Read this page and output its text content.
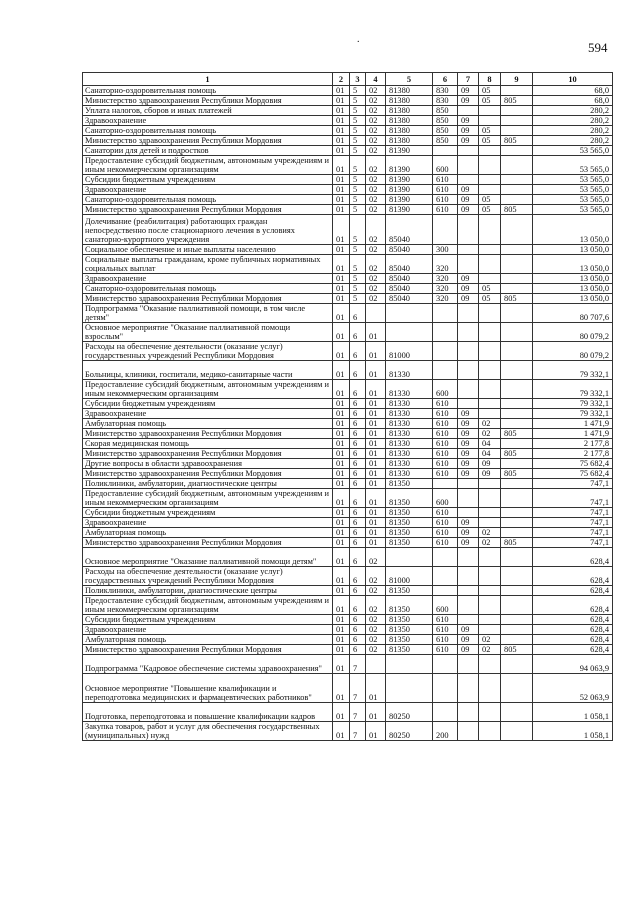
594
.
1	2	3	4	5	6	7	8	9	10
Санаторно-оздоровительная помощь	01	5	02	81380	830	09	05		68,0
Министерство здравоохранения Республики Мордовия	01	5	02	81380	830	09	05	805	68,0
Уплата налогов, сборов и иных платежей	01	5	02	81380	850				280,2
Здравоохранение	01	5	02	81380	850	09			280,2
Санаторно-оздоровительная помощь	01	5	02	81380	850	09	05		280,2
Министерство здравоохранения Республики Мордовия	01	5	02	81380	850	09	05	805	280,2
Санатории для детей и подростков	01	5	02	81390					53 565,0
Предоставление субсидий бюджетным, автономным учреждениям и иным некоммерческим организациям	01	5	02	81390	600				53 565,0
Субсидии бюджетным учреждениям	01	5	02	81390	610				53 565,0
Здравоохранение	01	5	02	81390	610	09			53 565,0
Санаторно-оздоровительная помощь	01	5	02	81390	610	09	05		53 565,0
Министерство здравоохранения Республики Мордовия	01	5	02	81390	610	09	05	805	53 565,0
Долечивание (реабилитация) работающих граждан непосредственно после стационарного лечения в условиях санаторно-курортного учреждения	01	5	02	85040					13 050,0
Социальное обеспечение и иные выплаты населению	01	5	02	85040	300				13 050,0
Социальные выплаты гражданам, кроме публичных нормативных социальных выплат	01	5	02	85040	320				13 050,0
Здравоохранение	01	5	02	85040	320	09			13 050,0
Санаторно-оздоровительная помощь	01	5	02	85040	320	09	05		13 050,0
Министерство здравоохранения Республики Мордовия	01	5	02	85040	320	09	05	805	13 050,0
Подпрограмма "Оказание паллиативной помощи, в том числе детям"	01	6							80 707,6
Основное мероприятие "Оказание паллиативной помощи взрослым"	01	6	01						80 079,2
Расходы на обеспечение деятельности (оказание услуг) государственных учреждений Республики Мордовия	01	6	01	81000					80 079,2
Больницы, клиники, госпитали, медико-санитарные части	01	6	01	81330					79 332,1
Предоставление субсидий бюджетным, автономным учреждениям и иным некоммерческим организациям	01	6	01	81330	600				79 332,1
Субсидии бюджетным учреждениям	01	6	01	81330	610				79 332,1
Здравоохранение	01	6	01	81330	610	09			79 332,1
Амбулаторная помощь	01	6	01	81330	610	09	02		1 471,9
Министерство здравоохранения Республики Мордовия	01	6	01	81330	610	09	02	805	1 471,9
Скорая медицинская помощь	01	6	01	81330	610	09	04		2 177,8
Министерство здравоохранения Республики Мордовия	01	6	01	81330	610	09	04	805	2 177,8
Другие вопросы в области здравоохранения	01	6	01	81330	610	09	09		75 682,4
Министерство здравоохранения Республики Мордовия	01	6	01	81330	610	09	09	805	75 682,4
Поликлиники, амбулатории, диагностические центры	01	6	01	81350					747,1
Предоставление субсидий бюджетным, автономным учреждениям и иным некоммерческим организациям	01	6	01	81350	600				747,1
Субсидии бюджетным учреждениям	01	6	01	81350	610				747,1
Здравоохранение	01	6	01	81350	610	09			747,1
Амбулаторная помощь	01	6	01	81350	610	09	02		747,1
Министерство здравоохранения Республики Мордовия	01	6	01	81350	610	09	02	805	747,1
Основное мероприятие "Оказание паллиативной помощи детям"	01	6	02						628,4
Расходы на обеспечение деятельности (оказание услуг) государственных учреждений Республики Мордовия	01	6	02	81000					628,4
Поликлиники, амбулатории, диагностические центры	01	6	02	81350					628,4
Предоставление субсидий бюджетным, автономным учреждениям и иным некоммерческим организациям	01	6	02	81350	600				628,4
Субсидии бюджетным учреждениям	01	6	02	81350	610				628,4
Здравоохранение	01	6	02	81350	610	09			628,4
Амбулаторная помощь	01	6	02	81350	610	09	02		628,4
Министерство здравоохранения Республики Мордовия	01	6	02	81350	610	09	02	805	628,4
Подпрограмма "Кадровое обеспечение системы здравоохранения"	01	7							94 063,9
Основное мероприятие "Повышение квалификации и переподготовка медицинских и фармацевтических работников"	01	7	01						52 063,9
Подготовка, переподготовка и повышение квалификации кадров	01	7	01	80250					1 058,1
Закупка товаров, работ и услуг для обеспечения государственных (муниципальных) нужд	01	7	01	80250	200				1 058,1
